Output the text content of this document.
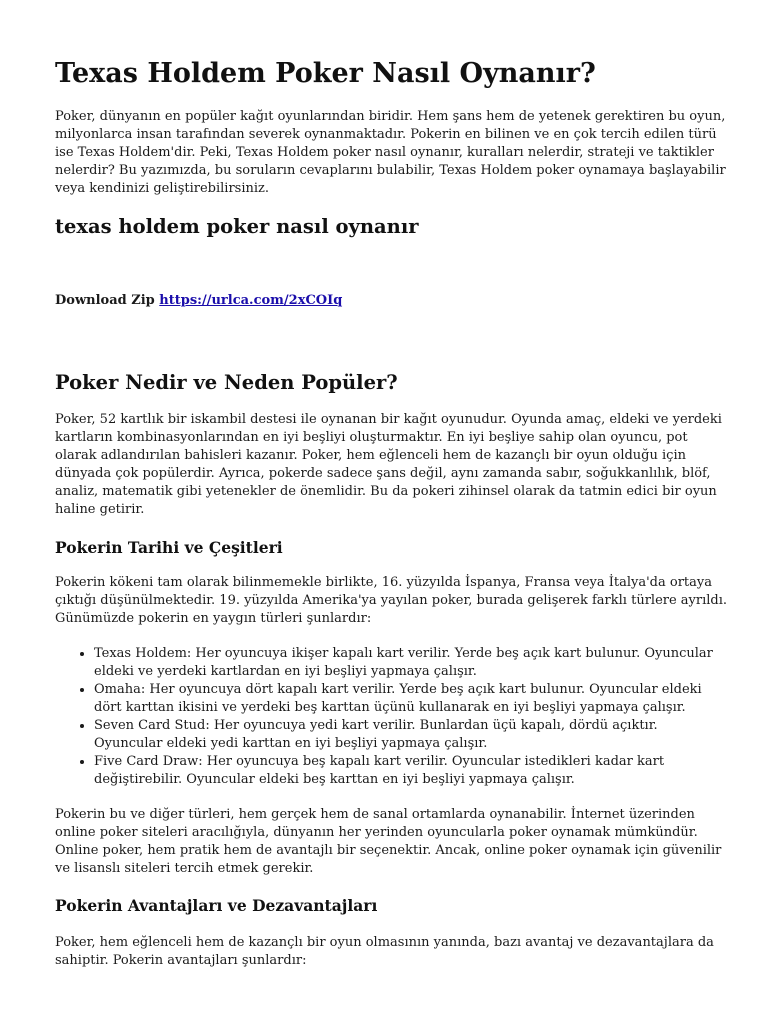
Texas Holdem Poker Nasıl Oynanır?

Poker, dünyanın en popüler kağıt oyunlarından biridir. Hem şans hem de yetenek gerektiren bu oyun, milyonlarca insan tarafından severek oynanmaktadır. Pokerin en bilinen ve en çok tercih edilen türü ise Texas Holdem'dir. Peki, Texas Holdem poker nasıl oynanır, kuralları nelerdir, strateji ve taktikler nelerdir? Bu yazımızda, bu soruların cevaplarını bulabilir, Texas Holdem poker oynamaya başlayabilir veya kendinizi geliştirebilirsiniz.

texas holdem poker nasıl oynanır

Download Zip https://urlca.com/2xCOIq

Poker Nedir ve Neden Popüler?

Poker, 52 kartlık bir iskambil destesi ile oynanan bir kağıt oyunudur. Oyunda amaç, eldeki ve yerdeki kartların kombinasyonlarından en iyi beşliyi oluşturmaktır. En iyi beşliye sahip olan oyuncu, pot olarak adlandırılan bahisleri kazanır. Poker, hem eğlenceli hem de kazançlı bir oyun olduğu için dünyada çok popülerdir. Ayrıca, pokerde sadece şans değil, aynı zamanda sabır, soğukkanlılık, blöf, analiz, matematik gibi yetenekler de önemlidir. Bu da pokeri zihinsel olarak da tatmin edici bir oyun haline getirir.

Pokerin Tarihi ve Çeşitleri

Pokerin kökeni tam olarak bilinmemekle birlikte, 16. yüzyılda İspanya, Fransa veya İtalya'da ortaya çıktığı düşünülmektedir. 19. yüzyılda Amerika'ya yayılan poker, burada gelişerek farklı türlere ayrıldı. Günümüzde pokerin en yaygın türleri şunlardır:

• Texas Holdem: Her oyuncuya ikişer kapalı kart verilir. Yerde beş açık kart bulunur. Oyuncular eldeki ve yerdeki kartlardan en iyi beşliyi yapmaya çalışır.
• Omaha: Her oyuncuya dört kapalı kart verilir. Yerde beş açık kart bulunur. Oyuncular eldeki dört karttan ikisini ve yerdeki beş karttan üçünü kullanarak en iyi beşliyi yapmaya çalışır.
• Seven Card Stud: Her oyuncuya yedi kart verilir. Bunlardan üçü kapalı, dördü açıktır. Oyuncular eldeki yedi karttan en iyi beşliyi yapmaya çalışır.
• Five Card Draw: Her oyuncuya beş kapalı kart verilir. Oyuncular istedikleri kadar kart değiştirebilir. Oyuncular eldeki beş karttan en iyi beşliyi yapmaya çalışır.

Pokerin bu ve diğer türleri, hem gerçek hem de sanal ortamlarda oynanabilir. İnternet üzerinden online poker siteleri aracılığıyla, dünyanın her yerinden oyuncularla poker oynamak mümkündür. Online poker, hem pratik hem de avantajlı bir seçenektir. Ancak, online poker oynamak için güvenilir ve lisanslı siteleri tercih etmek gerekir.

Pokerin Avantajları ve Dezavantajları

Poker, hem eğlenceli hem de kazançlı bir oyun olmasının yanında, bazı avantaj ve dezavantajlara da sahiptir. Pokerin avantajları şunlardır:
